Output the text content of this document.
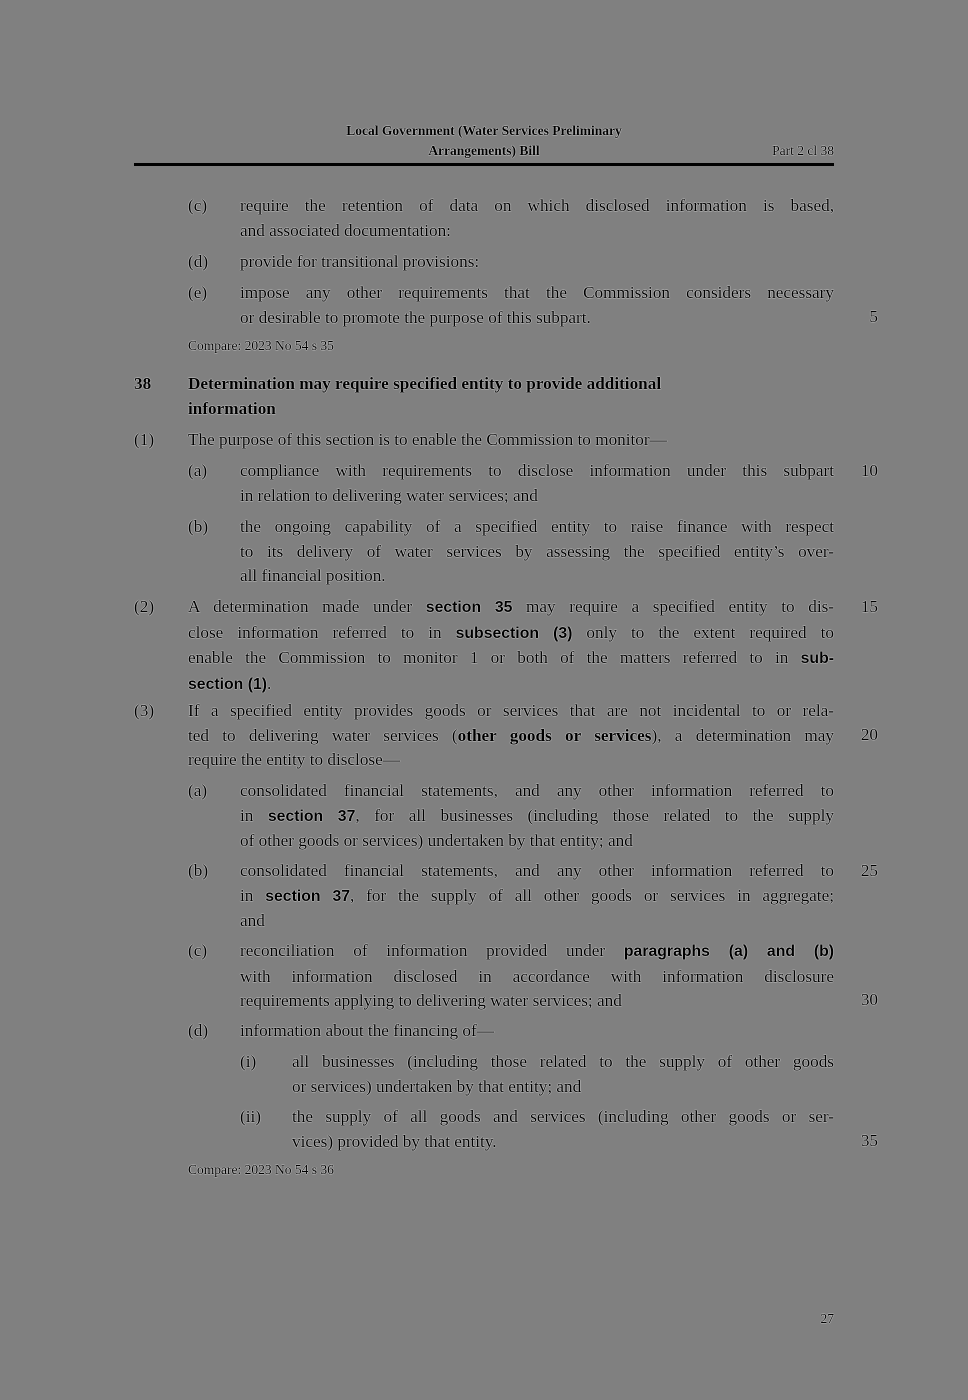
Local Government (Water Services Preliminary
Arrangements) Bill	Part 2 cl 38
(c) require the retention of data on which disclosed information is based,
and associated documentation:
(d) provide for transitional provisions:
(e) impose any other requirements that the Commission considers necessary
or desirable to promote the purpose of this subpart.
Compare: 2023 No 54 s 35
38 Determination may require specified entity to provide additional
information
(1) The purpose of this section is to enable the Commission to monitor—
(a) compliance with requirements to disclose information under this subpart
in relation to delivering water services; and
(b) the ongoing capability of a specified entity to raise finance with respect
to its delivery of water services by assessing the specified entity’s over-
all financial position.
(2) A determination made under section 35 may require a specified entity to dis-
close information referred to in subsection (3) only to the extent required to
enable the Commission to monitor 1 or both of the matters referred to in sub-
section (1).
(3) If a specified entity provides goods or services that are not incidental to or rela-
ted to delivering water services (other goods or services), a determination may
require the entity to disclose—
(a) consolidated financial statements, and any other information referred to
in section 37, for all businesses (including those related to the supply
of other goods or services) undertaken by that entity; and
(b) consolidated financial statements, and any other information referred to
in section 37, for the supply of all other goods or services in aggregate;
and
(c) reconciliation of information provided under paragraphs (a) and (b)
with information disclosed in accordance with information disclosure
requirements applying to delivering water services; and
(d) information about the financing of—
(i) all businesses (including those related to the supply of other goods
or services) undertaken by that entity; and
(ii) the supply of all goods and services (including other goods or ser-
vices) provided by that entity.
Compare: 2023 No 54 s 36
5
10
15
20
25
30
35
27
